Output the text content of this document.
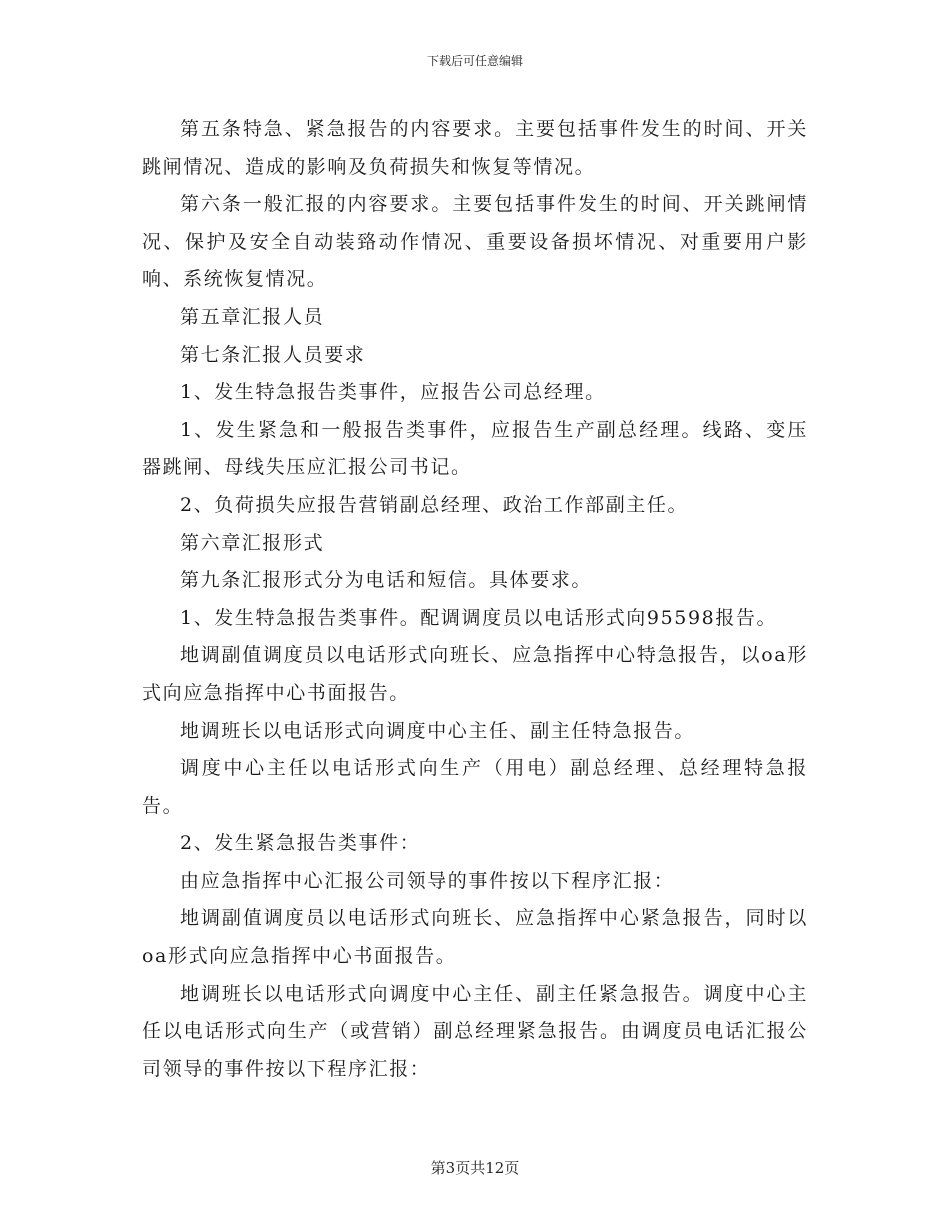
下载后可任意编辑

第五条特急、紧急报告的内容要求。主要包括事件发生的时间、开关跳闸情况、造成的影响及负荷损失和恢复等情况。

第六条一般汇报的内容要求。主要包括事件发生的时间、开关跳闸情况、保护及安全自动装臵动作情况、重要设备损坏情况、对重要用户影响、系统恢复情况。

第五章汇报人员

第七条汇报人员要求

1、发生特急报告类事件，应报告公司总经理。

1、发生紧急和一般报告类事件，应报告生产副总经理。线路、变压器跳闸、母线失压应汇报公司书记。

2、负荷损失应报告营销副总经理、政治工作部副主任。

第六章汇报形式

第九条汇报形式分为电话和短信。具体要求。

1、发生特急报告类事件。配调调度员以电话形式向95598报告。

地调副值调度员以电话形式向班长、应急指挥中心特急报告，以oa形式向应急指挥中心书面报告。

地调班长以电话形式向调度中心主任、副主任特急报告。

调度中心主任以电话形式向生产（用电）副总经理、总经理特急报告。

2、发生紧急报告类事件：

由应急指挥中心汇报公司领导的事件按以下程序汇报：

地调副值调度员以电话形式向班长、应急指挥中心紧急报告，同时以oa形式向应急指挥中心书面报告。

地调班长以电话形式向调度中心主任、副主任紧急报告。调度中心主任以电话形式向生产（或营销）副总经理紧急报告。由调度员电话汇报公司领导的事件按以下程序汇报：

第3页共12页
